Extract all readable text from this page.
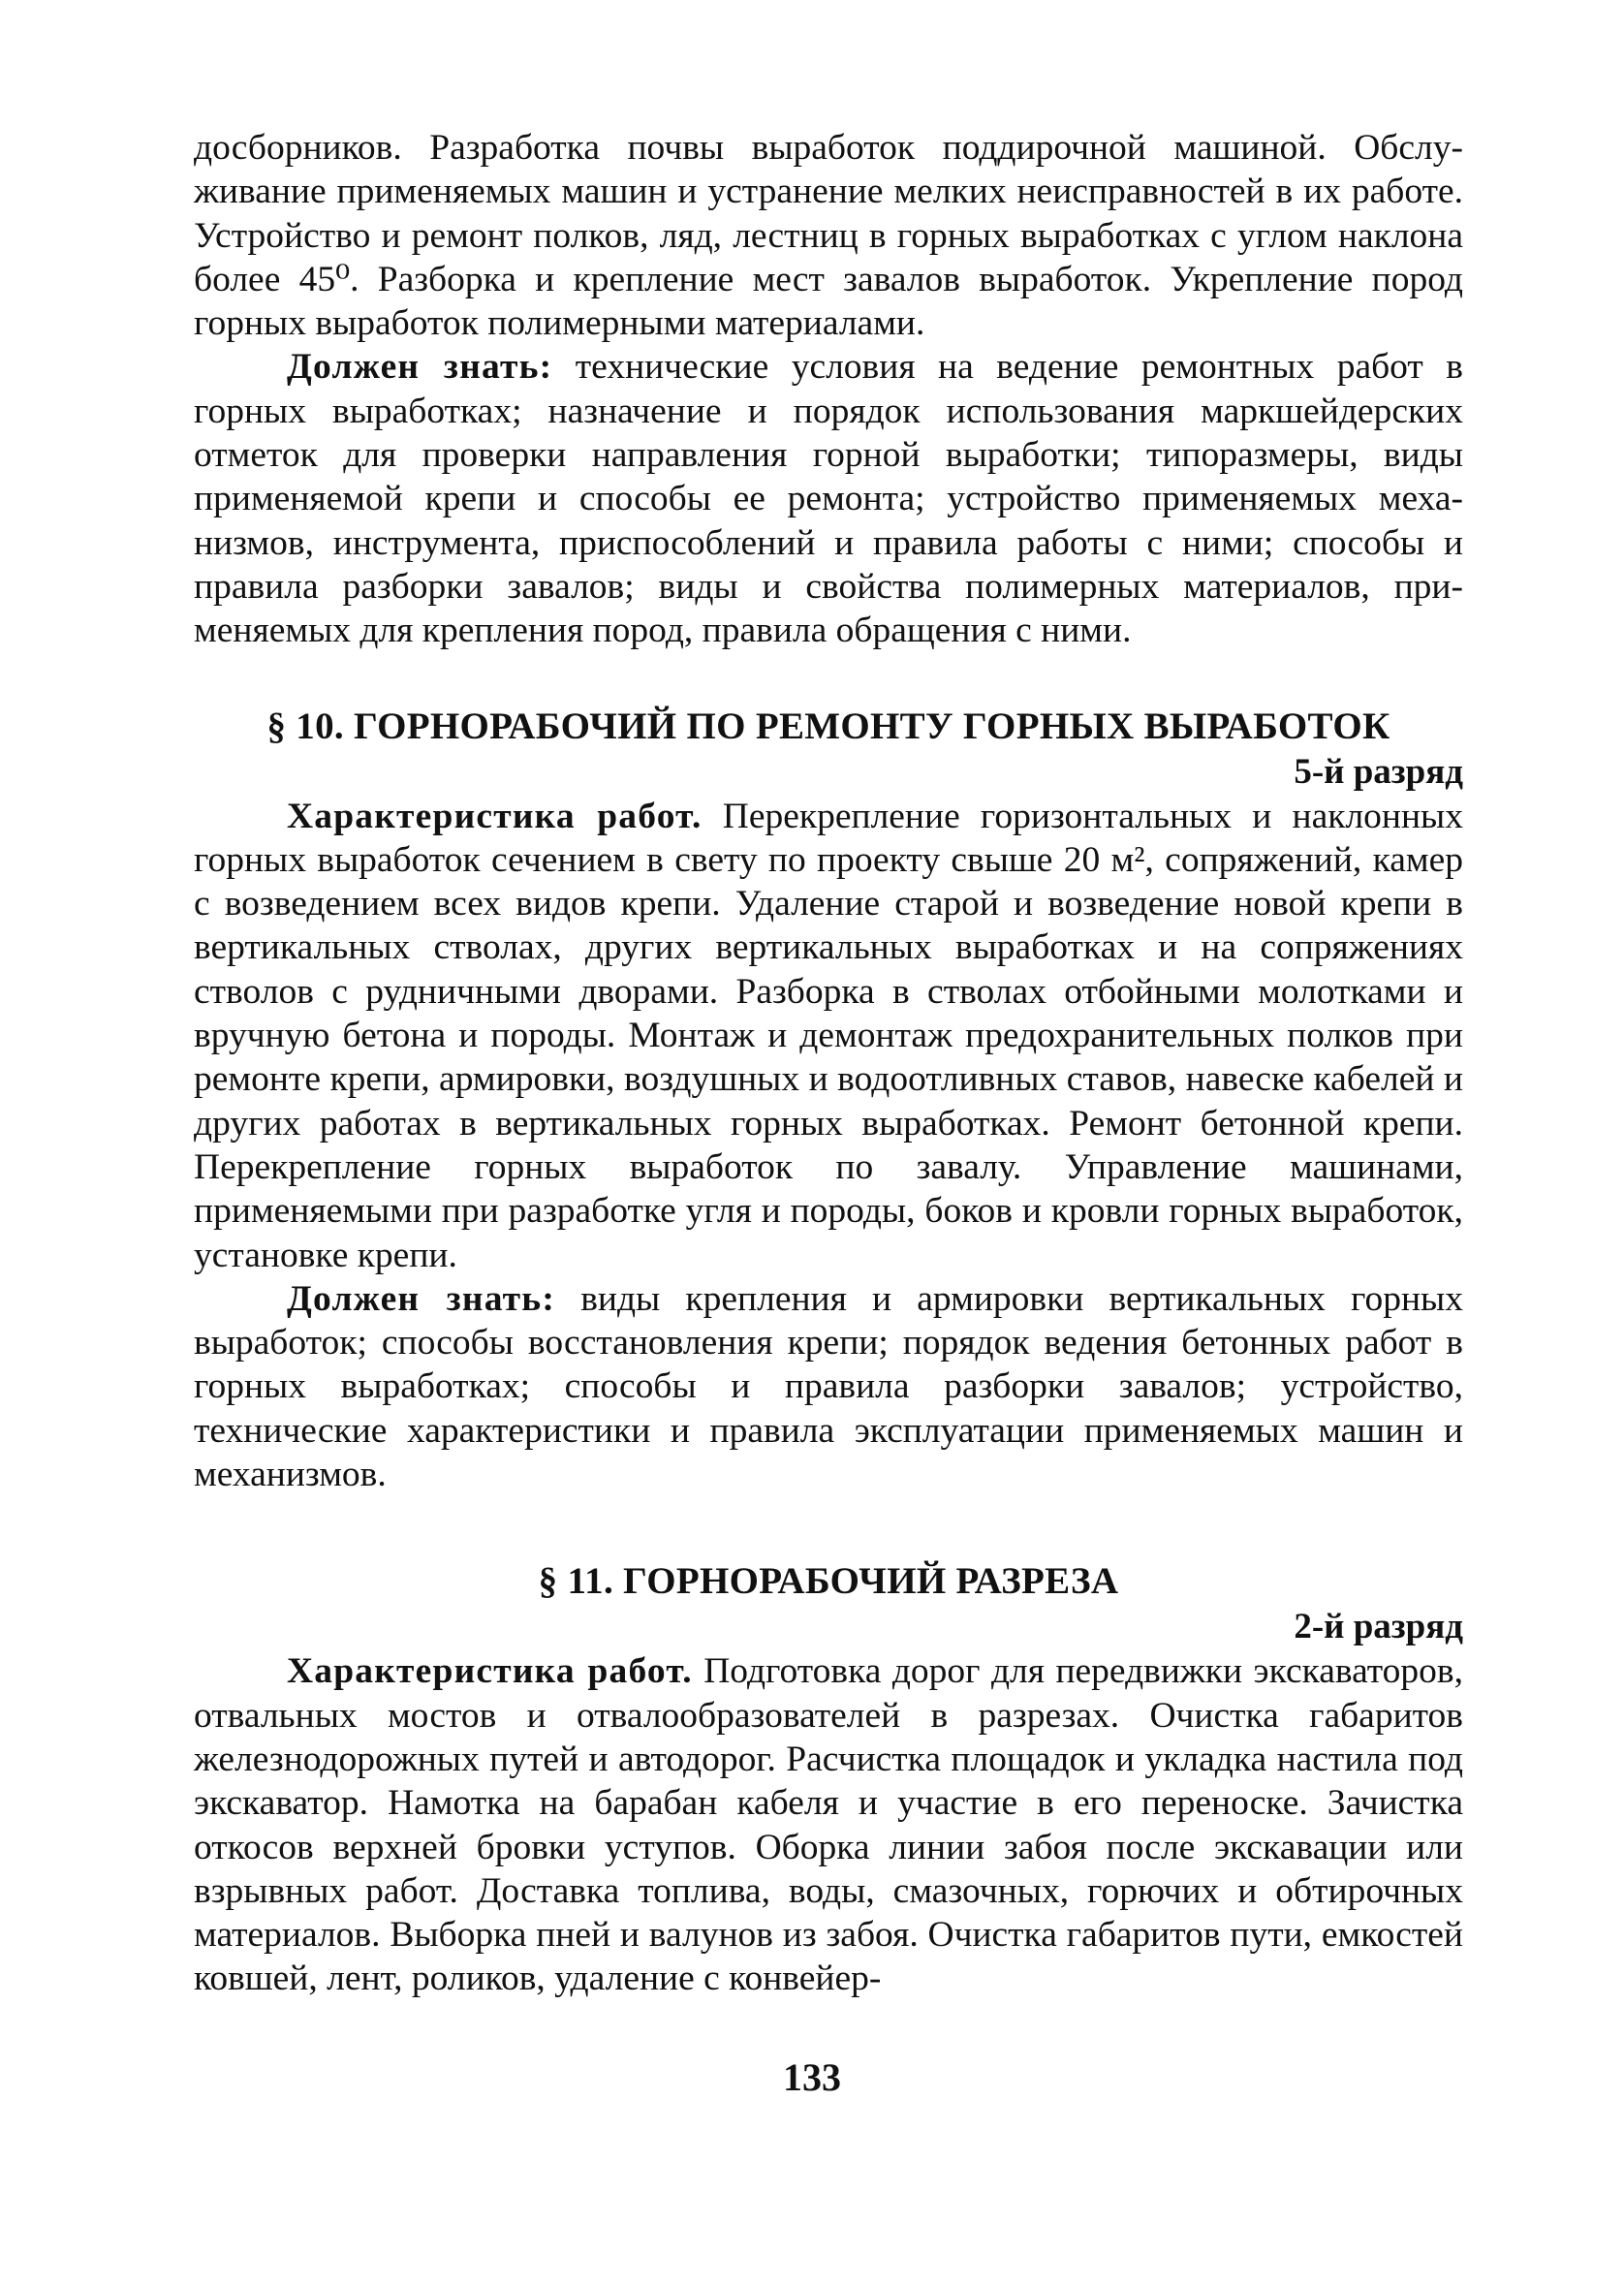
досборников. Разработка почвы выработок поддирочной машиной. Обслуживание применяемых машин и устранение мелких неисправностей в их работе. Устройство и ремонт полков, ляд, лестниц в горных выработках с углом наклона более 45⁰. Разборка и крепление мест завалов выработок. Укрепление пород горных выработок полимерными материалами.

Должен знать: технические условия на ведение ремонтных работ в горных выработках; назначение и порядок использования маркшейдерских отметок для проверки направления горной выработки; типоразмеры, виды применяемой крепи и способы ее ремонта; устройство применяемых механизмов, инструмента, приспособлений и правила работы с ними; способы и правила разборки завалов; виды и свойства полимерных материалов, применяемых для крепления пород, правила обращения с ними.

§ 10. ГОРНОРАБОЧИЙ ПО РЕМОНТУ ГОРНЫХ ВЫРАБОТОК

5-й разряд

Характеристика работ. Перекрепление горизонтальных и наклонных горных выработок сечением в свету по проекту свыше 20 м², сопряжений, камер с возведением всех видов крепи. Удаление старой и возведение новой крепи в вертикальных стволах, других вертикальных выработках и на сопряжениях стволов с рудничными дворами. Разборка в стволах отбойными молотками и вручную бетона и породы. Монтаж и демонтаж предохранительных полков при ремонте крепи, армировки, воздушных и водоотливных ставов, навеске кабелей и других работах в вертикальных горных выработках. Ремонт бетонной крепи. Перекрепление горных выработок по завалу. Управление машинами, применяемыми при разработке угля и породы, боков и кровли горных выработок, установке крепи.

Должен знать: виды крепления и армировки вертикальных горных выработок; способы восстановления крепи; порядок ведения бетонных работ в горных выработках; способы и правила разборки завалов; устройство, технические характеристики и правила эксплуатации применяемых машин и механизмов.

§ 11. ГОРНОРАБОЧИЙ РАЗРЕЗА

2-й разряд

Характеристика работ. Подготовка дорог для передвижки экскаваторов, отвальных мостов и отвалообразователей в разрезах. Очистка габаритов железнодорожных путей и автодорог. Расчистка площадок и укладка настила под экскаватор. Намотка на барабан кабеля и участие в его переноске. Зачистка откосов верхней бровки уступов. Оборка линии забоя после экскавации или взрывных работ. Доставка топлива, воды, смазочных, горючих и обтирочных материалов. Выборка пней и валунов из забоя. Очистка габаритов пути, емкостей ковшей, лент, роликов, удаление с конвейер-

133
